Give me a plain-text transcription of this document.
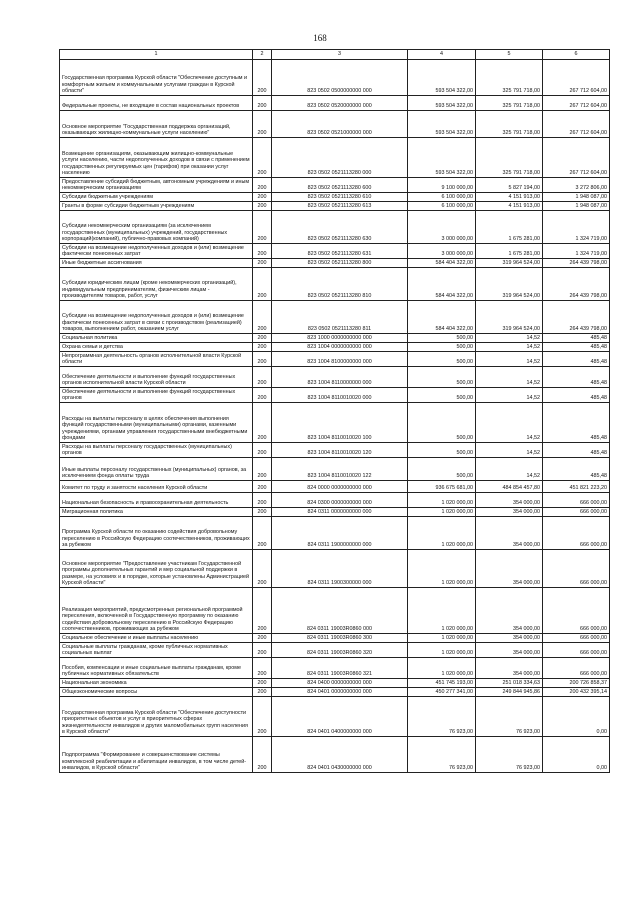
168
1	2	3	4	5	6
Государственная программа Курской области "Обеспечение доступным и комфортным жильем и коммунальными услугами граждан в Курской области"	200	823 0502 0500000000 000	593 504 322,00	325 791 718,00	267 712 604,00
Федеральные проекты, не входящие в состав национальных проектов	200	823 0502 0520000000 000	593 504 322,00	325 791 718,00	267 712 604,00
Основное мероприятие "Государственная поддержка организаций, оказывающих жилищно-коммунальные услуги населению"	200	823 0502 0521000000 000	593 504 322,00	325 791 718,00	267 712 604,00
Возмещение организациям, оказывающим жилищно-коммунальные услуги населению, части недополученных доходов в связи с применением государственных регулируемых цен (тарифов) при оказании услуг населению	200	823 0502 0521113280 000	593 504 322,00	325 791 718,00	267 712 604,00
Предоставление субсидий бюджетным, автономным учреждениям и иным некоммерческим организациям	200	823 0502 0521113280 600	9 100 000,00	5 827 194,00	3 272 806,00
Субсидии бюджетным учреждениям	200	823 0502 0521113280 610	6 100 000,00	4 151 913,00	1 948 087,00
Гранты в форме субсидии бюджетным учреждениям	200	823 0502 0521113280 613	6 100 000,00	4 151 913,00	1 948 087,00
Субсидии некоммерческим организациям (за исключением государственных (муниципальных) учреждений, государственных корпораций(компаний), публично-правовых компаний)	200	823 0502 0521113280 630	3 000 000,00	1 675 281,00	1 324 719,00
Субсидии на возмещение недополученных доходов и (или) возмещение фактически понесенных затрат	200	823 0502 0521113280 631	3 000 000,00	1 675 281,00	1 324 719,00
Иные бюджетные ассигнования	200	823 0502 0521113280 800	584 404 322,00	319 964 524,00	264 439 798,00
Субсидии юридическим лицам (кроме некоммерческих организаций), индивидуальным предпринимателям, физическим лицам - производителям товаров, работ, услуг	200	823 0502 0521113280 810	584 404 322,00	319 964 524,00	264 439 798,00
Субсидии на возмещение недополученных доходов и (или) возмещение фактически понесенных затрат в связи с производством (реализацией) товаров, выполнением работ, оказанием услуг	200	823 0502 0521113280 811	584 404 322,00	319 964 524,00	264 439 798,00
Социальная политика	200	823 1000 0000000000 000	500,00	14,52	485,48
Охрана семьи и детства	200	823 1004 0000000000 000	500,00	14,52	485,48
Непрограммная деятельность органов исполнительной власти Курской области	200	823 1004 8100000000 000	500,00	14,52	485,48
Обеспечение деятельности и выполнение функций государственных органов исполнительной власти Курской области	200	823 1004 8110000000 000	500,00	14,52	485,48
Обеспечение деятельности и выполнение функций государственных органов	200	823 1004 8110010020 000	500,00	14,52	485,48
Расходы на выплаты персоналу в целях обеспечения выполнения функций государственными (муниципальными) органами, казенными учреждениями, органами управления государственными внебюджетными фондами	200	823 1004 8110010020 100	500,00	14,52	485,48
Расходы на выплаты персоналу государственных (муниципальных) органов	200	823 1004 8110010020 120	500,00	14,52	485,48
Иные выплаты персоналу государственных (муниципальных) органов, за исключением фонда оплаты труда	200	823 1004 8110010020 122	500,00	14,52	485,48
Комитет по труду и занятости населения Курской области	200	824 0000 0000000000 000	936 675 681,00	484 854 457,80	451 821 223,20
Национальная безопасность и правоохранительная деятельность	200	824 0300 0000000000 000	1 020 000,00	354 000,00	666 000,00
Миграционная политика	200	824 0311 0000000000 000	1 020 000,00	354 000,00	666 000,00
Программа Курской области по оказанию содействия добровольному переселению в Российскую Федерацию соотечественников, проживающих за рубежом	200	824 0311 1900000000 000	1 020 000,00	354 000,00	666 000,00
Основное мероприятие "Предоставление участникам Государственной программы дополнительных гарантий и мер социальной поддержки в размере, на условиях и в порядке, которые установлены Администрацией Курской области"	200	824 0311 1900300000 000	1 020 000,00	354 000,00	666 000,00
Реализация мероприятий, предусмотренных региональной программой переселения, включенной в Государственную программу по оказанию содействия добровольному переселению в Российскую Федерацию соотечественников, проживающих за рубежом	200	824 0311 19003R0860 000	1 020 000,00	354 000,00	666 000,00
Социальное обеспечение и иные выплаты населению	200	824 0311 19003R0860 300	1 020 000,00	354 000,00	666 000,00
Социальные выплаты гражданам, кроме публичных нормативных социальных выплат	200	824 0311 19003R0860 320	1 020 000,00	354 000,00	666 000,00
Пособия, компенсации и иные социальные выплаты гражданам, кроме публичных нормативных обязательств	200	824 0311 19003R0860 321	1 020 000,00	354 000,00	666 000,00
Национальная экономика	200	824 0400 0000000000 000	451 745 193,00	251 018 334,63	200 726 858,37
Общеэкономические вопросы	200	824 0401 0000000000 000	450 277 341,00	249 844 945,86	200 432 395,14
Государственная программа Курской области "Обеспечение доступности приоритетных объектов и услуг в приоритетных сферах жизнедеятельности инвалидов и других маломобильных групп населения в Курской области"	200	824 0401 0400000000 000	76 923,00	76 923,00	0,00
Подпрограмма "Формирование и совершенствование системы комплексной реабилитации и абилитации инвалидов, в том числе детей-инвалидов, в Курской области"	200	824 0401 0430000000 000	76 923,00	76 923,00	0,00
